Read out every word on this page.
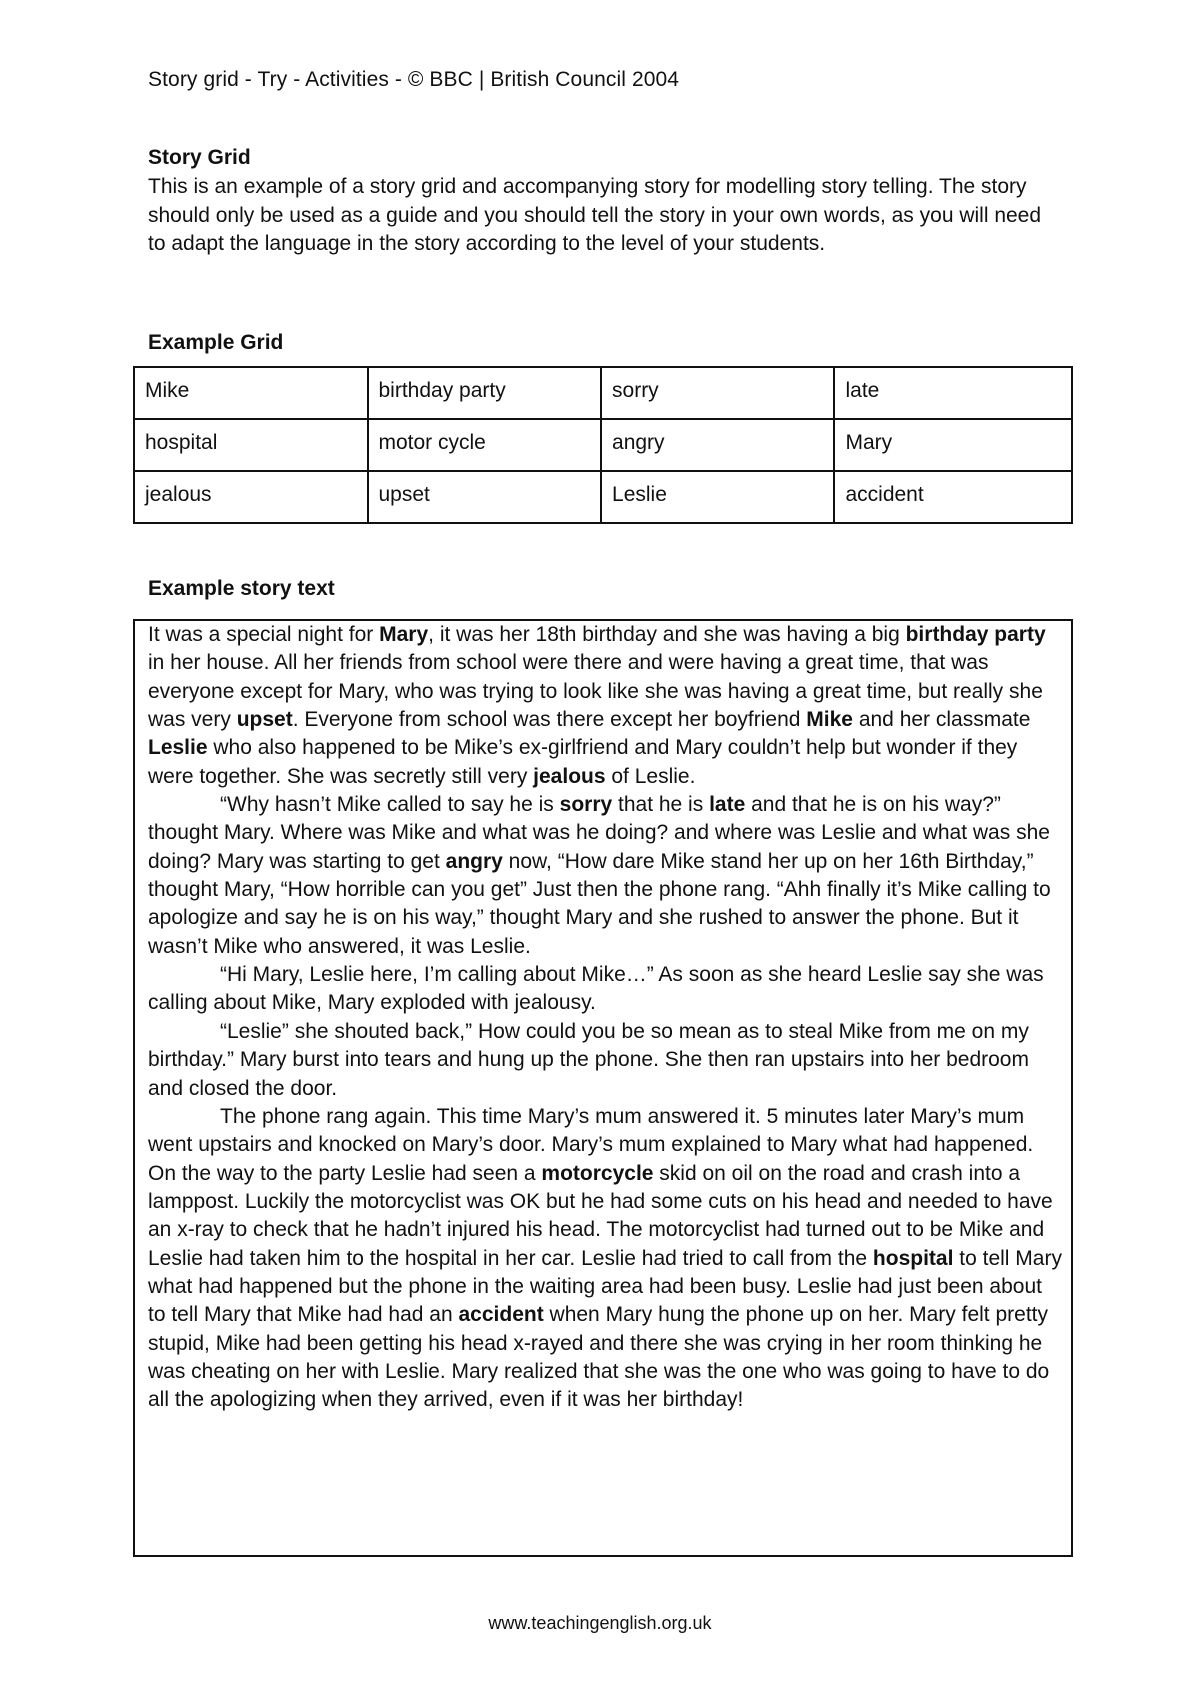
Story grid - Try - Activities - © BBC | British Council 2004
Story Grid

This is an example of a story grid and accompanying story for modelling story telling. The story should only be used as a guide and you should tell the story in your own words, as you will need to adapt the language in the story according to the level of your students.

Example Grid
Mike	birthday party	sorry	late
hospital	motor cycle	angry	Mary
jealous	upset	Leslie	accident
Example story text

It was a special night for Mary, it was her 18th birthday and she was having a big birthday party in her house. All her friends from school were there and were having a great time, that was everyone except for Mary, who was trying to look like she was having a great time, but really she was very upset. Everyone from school was there except her boyfriend Mike and her classmate Leslie who also happened to be Mike’s ex-girlfriend and Mary couldn’t help but wonder if they were together. She was secretly still very jealous of Leslie.

“Why hasn’t Mike called to say he is sorry that he is late and that he is on his way?” thought Mary. Where was Mike and what was he doing? and where was Leslie and what was she doing? Mary was starting to get angry now, “How dare Mike stand her up on her 16th Birthday,” thought Mary, “How horrible can you get” Just then the phone rang. “Ahh finally it’s Mike calling to apologize and say he is on his way,” thought Mary and she rushed to answer the phone. But it wasn’t Mike who answered, it was Leslie.

“Hi Mary, Leslie here, I’m calling about Mike…” As soon as she heard Leslie say she was calling about Mike, Mary exploded with jealousy.

“Leslie” she shouted back,” How could you be so mean as to steal Mike from me on my birthday.” Mary burst into tears and hung up the phone. She then ran upstairs into her bedroom and closed the door.

The phone rang again. This time Mary’s mum answered it. 5 minutes later Mary’s mum went upstairs and knocked on Mary’s door. Mary’s mum explained to Mary what had happened. On the way to the party Leslie had seen a motorcycle skid on oil on the road and crash into a lamppost. Luckily the motorcyclist was OK but he had some cuts on his head and needed to have an x-ray to check that he hadn’t injured his head. The motorcyclist had turned out to be Mike and Leslie had taken him to the hospital in her car. Leslie had tried to call from the hospital to tell Mary what had happened but the phone in the waiting area had been busy. Leslie had just been about to tell Mary that Mike had had an accident when Mary hung the phone up on her. Mary felt pretty stupid, Mike had been getting his head x-rayed and there she was crying in her room thinking he was cheating on her with Leslie. Mary realized that she was the one who was going to have to do all the apologizing when they arrived, even if it was her birthday!

www.teachingenglish.org.uk
